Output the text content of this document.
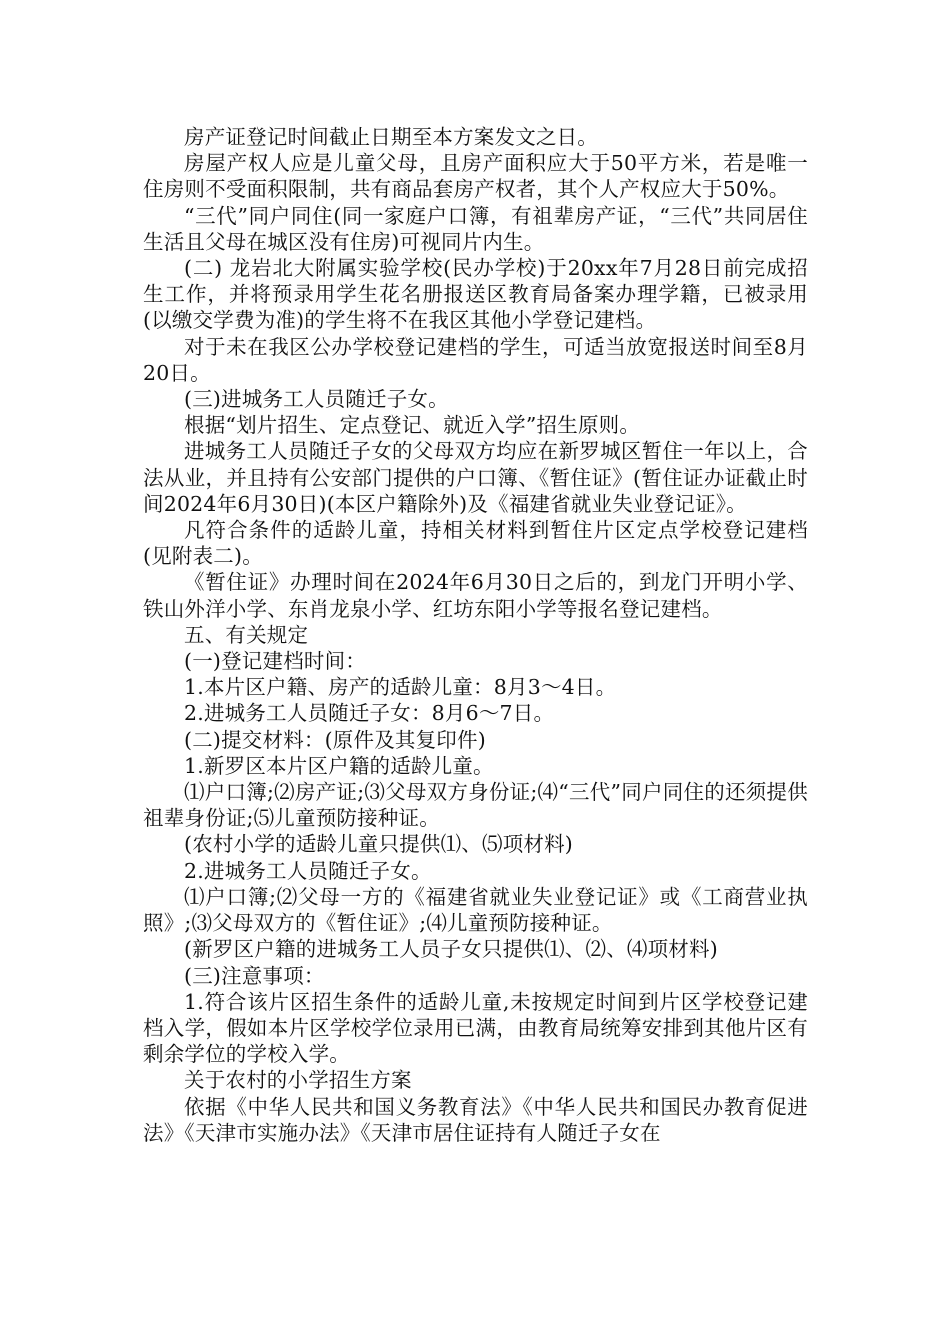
房产证登记时间截止日期至本方案发文之日。

房屋产权人应是儿童父母，且房产面积应大于50平方米，若是唯一住房则不受面积限制，共有商品套房产权者，其个人产权应大于50%。

“三代”同户同住(同一家庭户口簿，有祖辈房产证，“三代”共同居住生活且父母在城区没有住房)可视同片内生。

(二) 龙岩北大附属实验学校(民办学校)于20xx年7月28日前完成招生工作，并将预录用学生花名册报送区教育局备案办理学籍，已被录用(以缴交学费为准)的学生将不在我区其他小学登记建档。

对于未在我区公办学校登记建档的学生，可适当放宽报送时间至8月20日。

(三)进城务工人员随迁子女。

根据“划片招生、定点登记、就近入学”招生原则。

进城务工人员随迁子女的父母双方均应在新罗城区暂住一年以上，合法从业，并且持有公安部门提供的户口簿、《暂住证》(暂住证办证截止时间2024年6月30日)(本区户籍除外)及《福建省就业失业登记证》。

凡符合条件的适龄儿童，持相关材料到暂住片区定点学校登记建档(见附表二)。

《暂住证》办理时间在2024年6月30日之后的，到龙门开明小学、铁山外洋小学、东肖龙泉小学、红坊东阳小学等报名登记建档。

五、有关规定

(一)登记建档时间：

1.本片区户籍、房产的适龄儿童：8月3～4日。

2.进城务工人员随迁子女：8月6～7日。

(二)提交材料：(原件及其复印件)

1.新罗区本片区户籍的适龄儿童。

⑴户口簿;⑵房产证;⑶父母双方身份证;⑷“三代”同户同住的还须提供祖辈身份证;⑸儿童预防接种证。

(农村小学的适龄儿童只提供⑴、⑸项材料)

2.进城务工人员随迁子女。

⑴户口簿;⑵父母一方的《福建省就业失业登记证》或《工商营业执照》;⑶父母双方的《暂住证》;⑷儿童预防接种证。

(新罗区户籍的进城务工人员子女只提供⑴、⑵、⑷项材料)

(三)注意事项：

1.符合该片区招生条件的适龄儿童,未按规定时间到片区学校登记建档入学，假如本片区学校学位录用已满，由教育局统筹安排到其他片区有剩余学位的学校入学。

关于农村的小学招生方案

依据《中华人民共和国义务教育法》《中华人民共和国民办教育促进法》《天津市实施办法》《天津市居住证持有人随迁子女在
